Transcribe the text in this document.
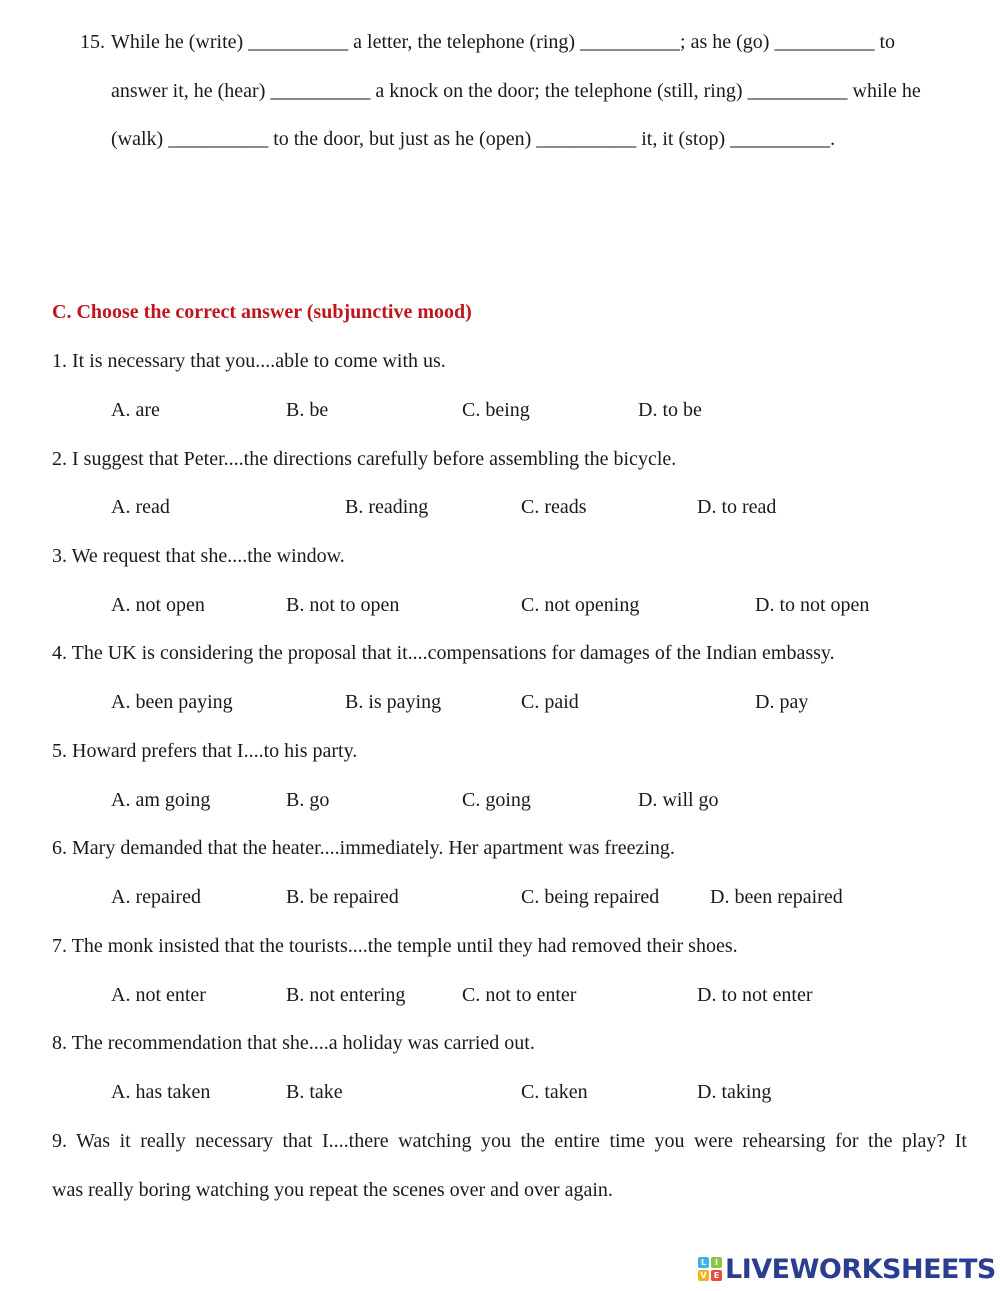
15. While he (write) __________ a letter, the telephone (ring) __________; as he (go) __________ to
answer it, he (hear) __________ a knock on the door; the telephone (still, ring) __________ while he
(walk) __________ to the door, but just as he (open) __________ it, it (stop) __________.
C. Choose the correct answer (subjunctive mood)
1. It is necessary that you....able to come with us.
A. are	B. be	C. being	D. to be
2. I suggest that Peter....the directions carefully before assembling the bicycle.
A. read	B. reading	C. reads	D. to read
3. We request that she....the window.
A. not open	B. not to open	C. not opening	D. to not open
4. The UK is considering the proposal that it....compensations for damages of the Indian embassy.
A. been paying	B. is paying	C. paid	D. pay
5. Howard prefers that I....to his party.
A. am going	B. go	C. going	D. will go
6. Mary demanded that the heater....immediately. Her apartment was freezing.
A. repaired	B. be repaired	C. being repaired	D. been repaired
7. The monk insisted that the tourists....the temple until they had removed their shoes.
A. not enter	B. not entering	C. not to enter	D. to not enter
8. The recommendation that she....a holiday was carried out.
A. has taken	B. take	C. taken	D. taking
9. Was it really necessary that I....there watching you the entire time you were rehearsing for the play? It
was really boring watching you repeat the scenes over and over again.
L	I
V E LIVEWORKSHEETS
